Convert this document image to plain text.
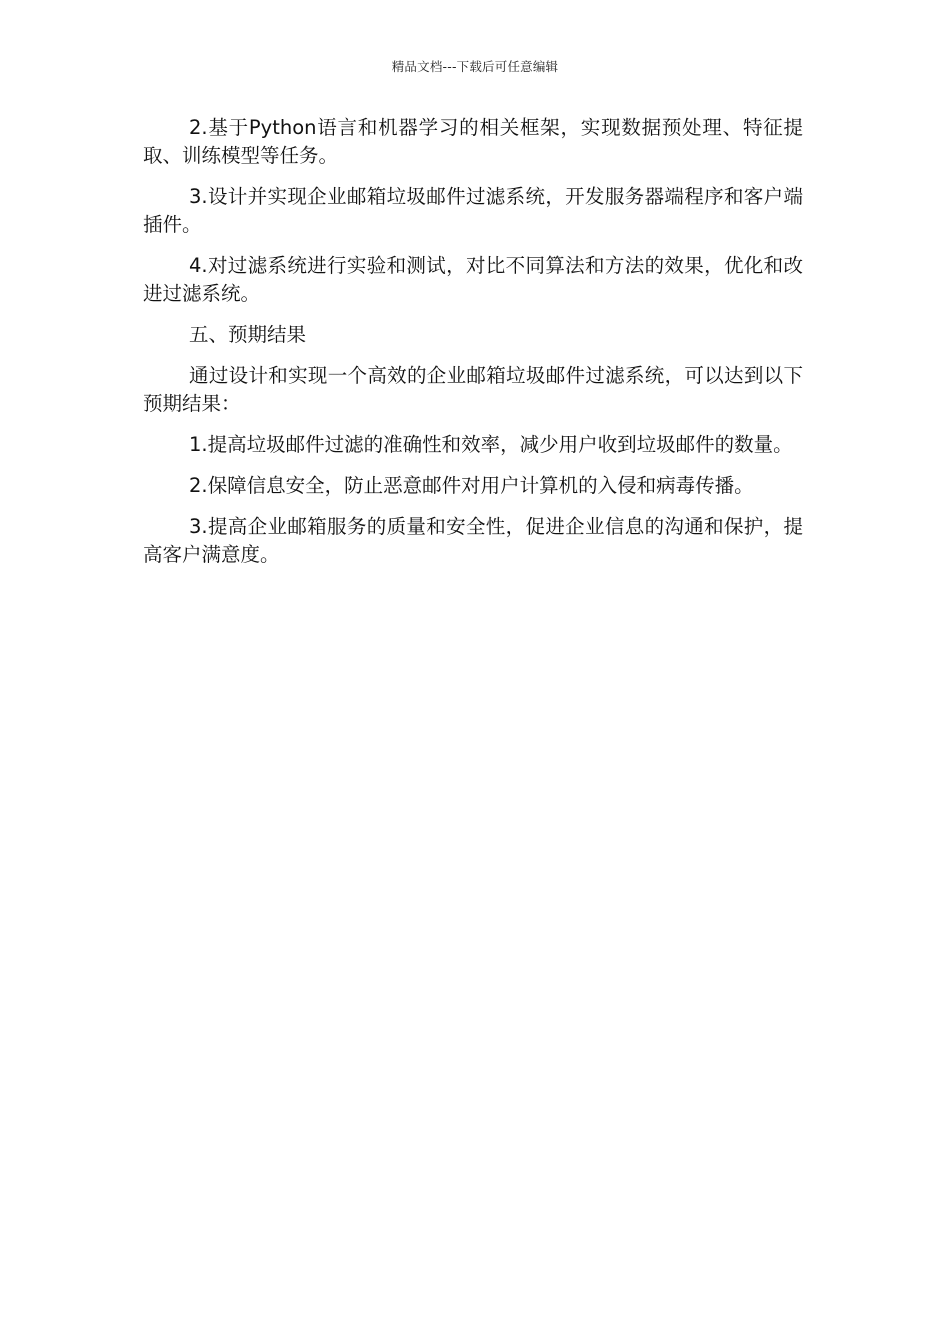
精品文档---下载后可任意编辑

2.基于Python语言和机器学习的相关框架，实现数据预处理、特征提取、训练模型等任务。

3.设计并实现企业邮箱垃圾邮件过滤系统，开发服务器端程序和客户端插件。

4.对过滤系统进行实验和测试，对比不同算法和方法的效果，优化和改进过滤系统。

五、预期结果

通过设计和实现一个高效的企业邮箱垃圾邮件过滤系统，可以达到以下预期结果：

1.提高垃圾邮件过滤的准确性和效率，减少用户收到垃圾邮件的数量。

2.保障信息安全，防止恶意邮件对用户计算机的入侵和病毒传播。

3.提高企业邮箱服务的质量和安全性，促进企业信息的沟通和保护，提高客户满意度。
